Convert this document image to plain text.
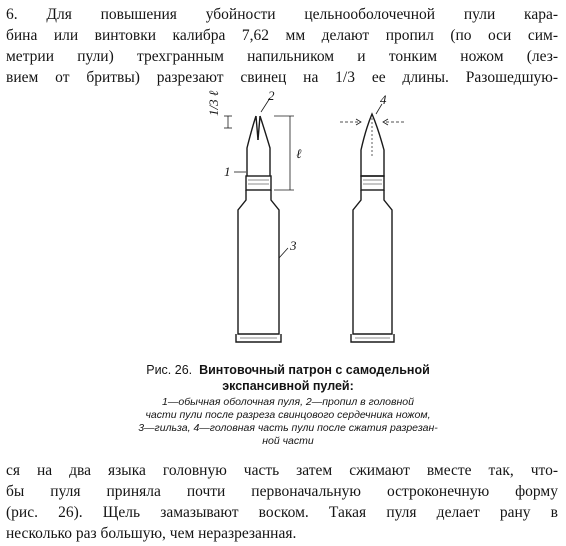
6. Для повышения убойности цельнооболочечной пули кара-
бина или винтовки калибра 7,62 мм делают пропил (по оси сим-
метрии пули) трехгранным напильником и тонким ножом (лез-
вием от бритвы) разрезают свинец на 1/3 ее длины. Разошедшую-
1/3 ℓ
ℓ
1
2
3
4
Рис. 26. Винтовочный патрон с самодельной
экспансивной пулей:
1—обычная оболочная пуля, 2—пропил в головной
части пули после разреза свинцового сердечника ножом,
3—гильза, 4—головная часть пули после сжатия разрезан-
ной части
ся на два языка головную часть затем сжимают вместе так, что-
бы пуля приняла почти первоначальную остроконечную форму
(рис. 26). Щель замазывают воском. Такая пуля делает рану в
несколько раз большую, чем неразрезанная.
